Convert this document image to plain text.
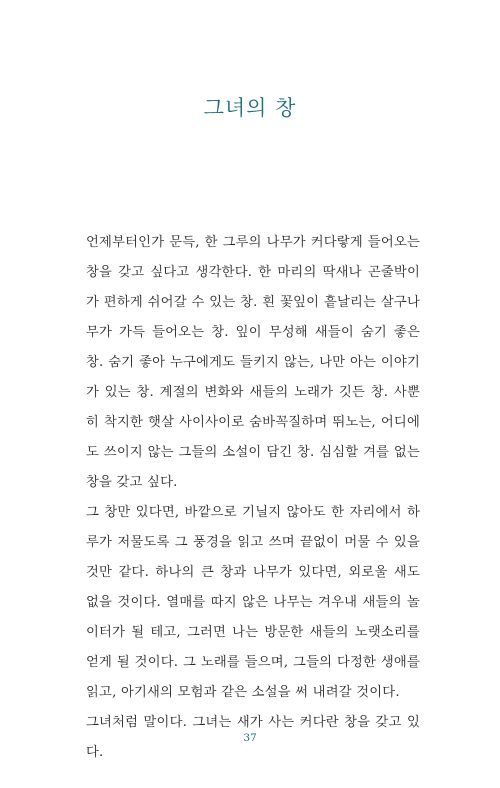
그녀의 창

언제부터인가 문득, 한 그루의 나무가 커다랗게 들어오는 창을 갖고 싶다고 생각한다. 한 마리의 딱새나 곤줄박이가 편하게 쉬어갈 수 있는 창. 흰 꽃잎이 흩날리는 살구나무가 가득 들어오는 창. 잎이 무성해 새들이 숨기 좋은 창. 숨기 좋아 누구에게도 들키지 않는, 나만 아는 이야기가 있는 창. 계절의 변화와 새들의 노래가 깃든 창. 사뿐히 착지한 햇살 사이사이로 숨바꼭질하며 뛰노는, 어디에도 쓰이지 않는 그들의 소설이 담긴 창. 심심할 겨를 없는 창을 갖고 싶다.

그 창만 있다면, 바깥으로 기닐지 않아도 한 자리에서 하루가 저물도록 그 풍경을 읽고 쓰며 끝없이 머물 수 있을 것만 같다. 하나의 큰 창과 나무가 있다면, 외로울 새도 없을 것이다. 열매를 따지 않은 나무는 겨우내 새들의 놀이터가 될 테고, 그러면 나는 방문한 새들의 노랫소리를 얻게 될 것이다. 그 노래를 들으며, 그들의 다정한 생애를 읽고, 아기새의 모험과 같은 소설을 써 내려갈 것이다.

그녀처럼 말이다. 그녀는 새가 사는 커다란 창을 갖고 있다.

37
